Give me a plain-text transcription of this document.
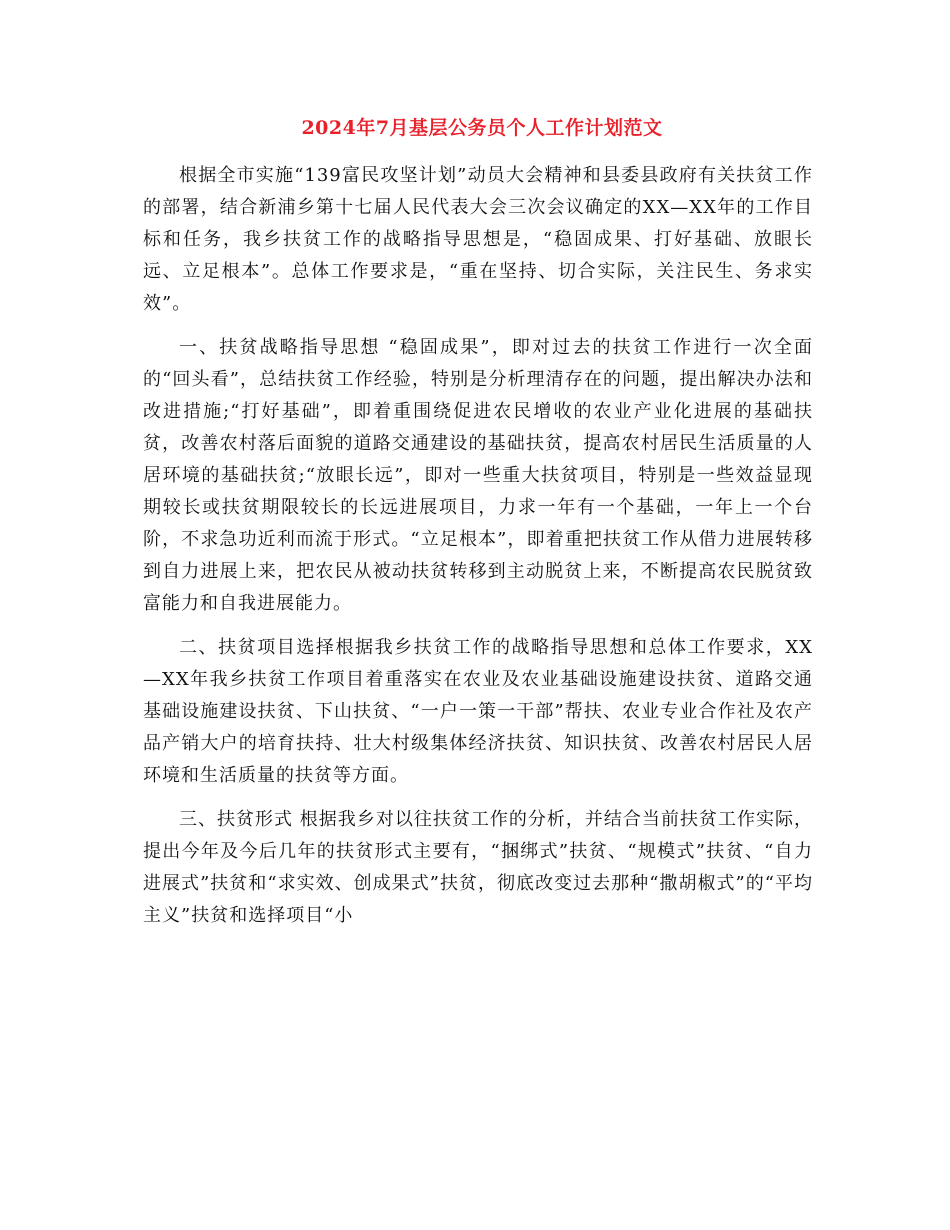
2024年7月基层公务员个人工作计划范文

根据全市实施“139富民攻坚计划”动员大会精神和县委县政府有关扶贫工作的部署，结合新浦乡第十七届人民代表大会三次会议确定的XX—XX年的工作目标和任务，我乡扶贫工作的战略指导思想是，“稳固成果、打好基础、放眼长远、立足根本”。总体工作要求是，“重在坚持、切合实际，关注民生、务求实效”。

一、扶贫战略指导思想 “稳固成果”，即对过去的扶贫工作进行一次全面的“回头看”，总结扶贫工作经验，特别是分析理清存在的问题，提出解决办法和改进措施;“打好基础”，即着重围绕促进农民增收的农业产业化进展的基础扶贫，改善农村落后面貌的道路交通建设的基础扶贫，提高农村居民生活质量的人居环境的基础扶贫;“放眼长远”，即对一些重大扶贫项目，特别是一些效益显现期较长或扶贫期限较长的长远进展项目，力求一年有一个基础，一年上一个台阶，不求急功近利而流于形式。“立足根本”，即着重把扶贫工作从借力进展转移到自力进展上来，把农民从被动扶贫转移到主动脱贫上来，不断提高农民脱贫致富能力和自我进展能力。

二、扶贫项目选择根据我乡扶贫工作的战略指导思想和总体工作要求，XX—XX年我乡扶贫工作项目着重落实在农业及农业基础设施建设扶贫、道路交通基础设施建设扶贫、下山扶贫、“一户一策一干部”帮扶、农业专业合作社及农产品产销大户的培育扶持、壮大村级集体经济扶贫、知识扶贫、改善农村居民人居环境和生活质量的扶贫等方面。

三、扶贫形式 根据我乡对以往扶贫工作的分析，并结合当前扶贫工作实际，提出今年及今后几年的扶贫形式主要有，“捆绑式”扶贫、“规模式”扶贫、“自力进展式”扶贫和“求实效、创成果式”扶贫，彻底改变过去那种“撒胡椒式”的“平均主义”扶贫和选择项目“小
